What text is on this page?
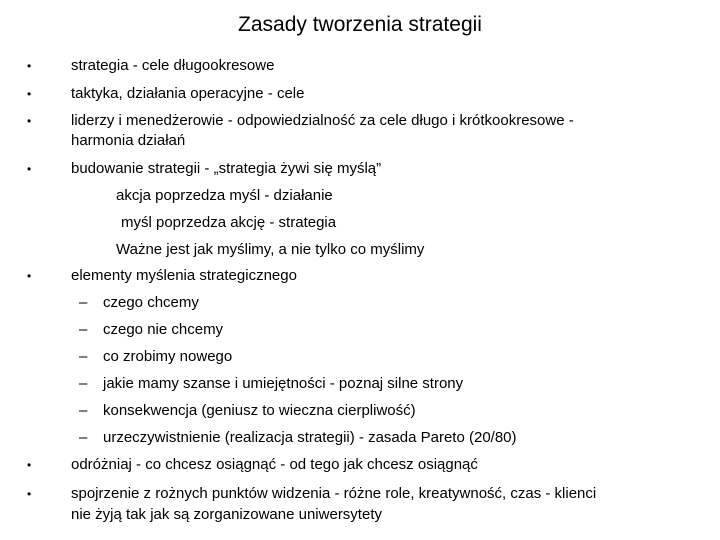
Zasady tworzenia strategii
•	strategia - cele długookresowe
•	taktyka, działania operacyjne - cele
•	liderzy i menedżerowie - odpowiedzialność za cele długo i krótkookresowe -
harmonia działań
•	budowanie strategii - „strategia żywi się myślą”
akcja poprzedza myśl - działanie
myśl poprzedza akcję - strategia
Ważne jest jak myślimy, a nie tylko co myślimy
•	elementy myślenia strategicznego
– czego chcemy
– czego nie chcemy
– co zrobimy nowego
– jakie mamy szanse i umiejętności - poznaj silne strony
– konsekwencja (geniusz to wieczna cierpliwość)
– urzeczywistnienie (realizacja strategii) - zasada Pareto (20/80)
•	odróżniaj - co chcesz osiągnąć - od tego jak chcesz osiągnąć
•	spojrzenie z rożnych punktów widzenia - różne role, kreatywność, czas - klienci
nie żyją tak jak są zorganizowane uniwersytety
